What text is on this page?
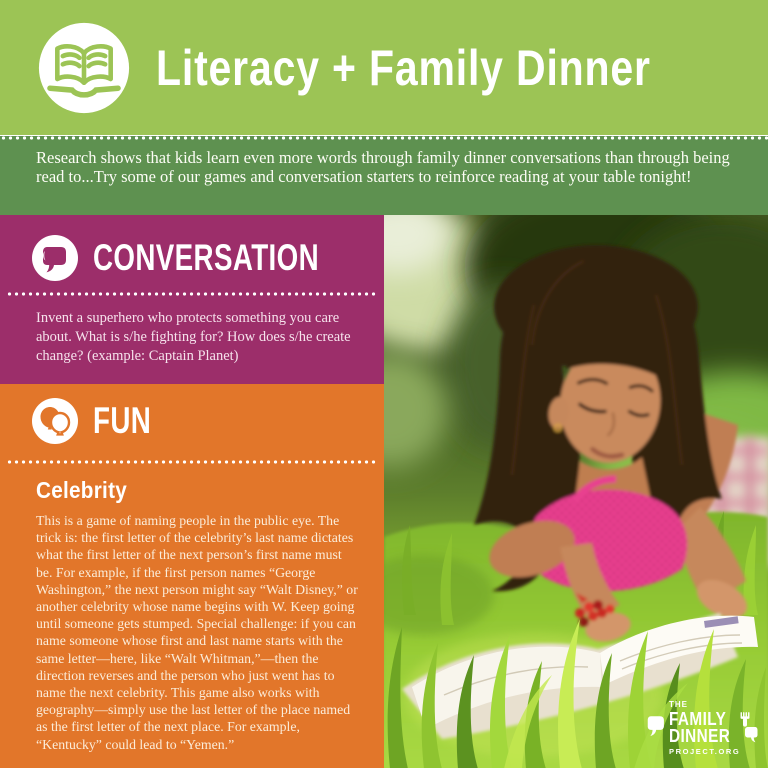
Literacy + Family Dinner

Research shows that kids learn even more words through family dinner conversations than through being read to...Try some of our games and conversation starters to reinforce reading at your table tonight!

CONVERSATION

Invent a superhero who protects something you care about. What is s/he fighting for? How does s/he create change? (example: Captain Planet)

FUN
Celebrity

This is a game of naming people in the public eye. The trick is: the first letter of the celebrity’s last name dictates what the first letter of the next person’s first name must be. For example, if the first person names “George Washington,” the next person might say “Walt Disney,” or another celebrity whose name begins with W. Keep going until someone gets stumped. Special challenge: if you can name someone whose first and last name starts with the same letter—here, like “Walt Whitman,”—then the direction reverses and the person who just went has to name the next celebrity. This game also works with geography—simply use the last letter of the place named as the first letter of the next place. For example, “Kentucky” could lead to “Yemen.”

THE
FAMILY
DINNER
PROJECT.ORG
